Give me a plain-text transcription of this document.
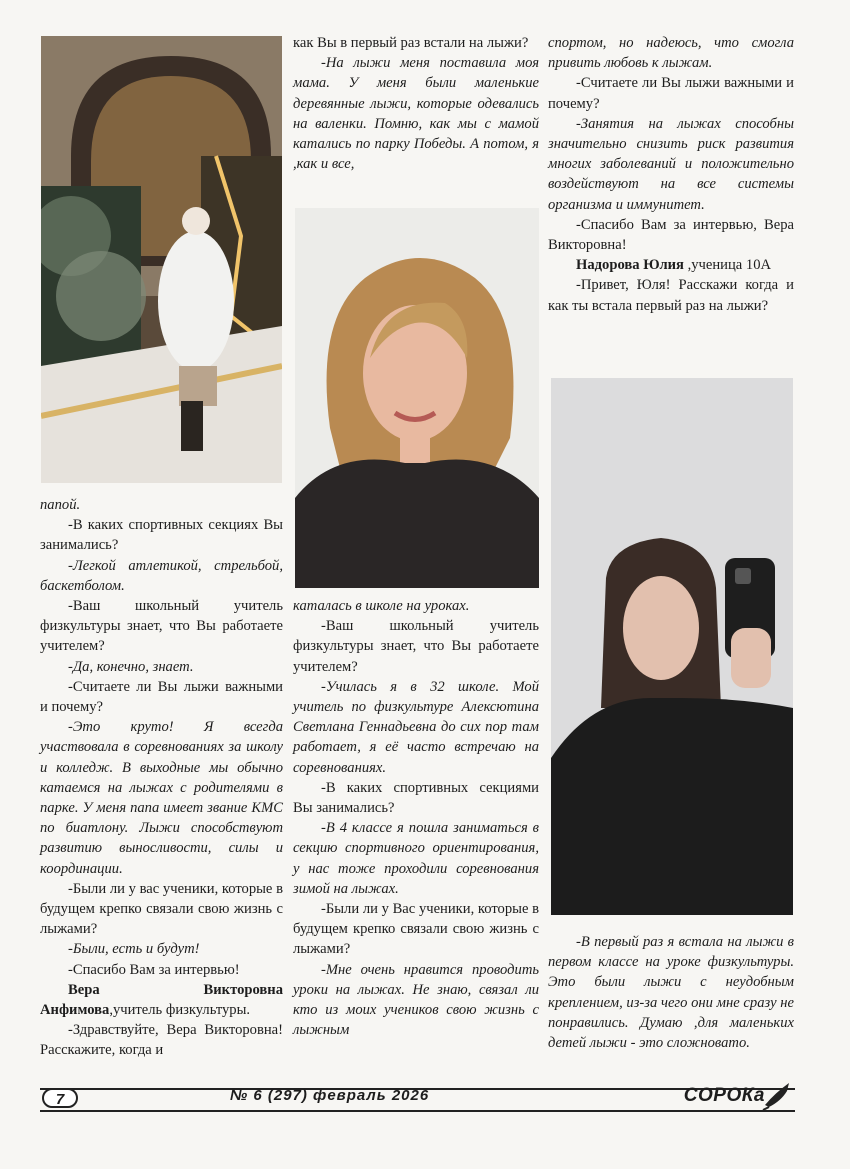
папой.

-В каких спортивных секциях Вы занимались?

-Легкой атлетикой, стрельбой, баскетболом.

-Ваш школьный учитель физкультуры знает, что Вы работаете учителем?

-Да, конечно, знает.

-Считаете ли Вы лыжи важными и почему?

-Это круто! Я всегда участвовала в соревнованиях за школу и колледж. В выходные мы обычно катаемся на лыжах с родителями в парке. У меня папа имеет звание КМС по биатлону. Лыжи способствуют развитию выносливости, силы и координации.

-Были ли у вас ученики, которые в будущем крепко связали свою жизнь с лыжами?

-Были, есть и будут!

-Спасибо Вам за интервью!

Вера Викторовна Анфимова,учитель физкультуры.

-Здравствуйте, Вера Викторовна! Расскажите, когда и

как Вы в первый раз встали на лыжи?

-На лыжи меня поставила моя мама. У меня были маленькие деревянные лыжи, которые одевались на валенки. Помню, как мы с мамой катались по парку Победы. А потом, я ,как и все,

каталась в школе на уроках.

-Ваш школьный учитель физкультуры знает, что Вы работаете учителем?

-Училась я в 32 школе. Мой учитель по физкультуре Алексютина Светлана Геннадьевна до сих пор там работает, я её часто встречаю на соревнованиях.

-В каких спортивных секциями Вы занимались?

-В 4 классе я пошла заниматься в секцию спортивного ориентирования, у нас тоже проходили соревнования зимой на лыжах.

-Были ли у Вас ученики, которые в будущем крепко связали свою жизнь с лыжами?

-Мне очень нравится проводить уроки на лыжах. Не знаю, связал ли кто из моих учеников свою жизнь с лыжным

спортом, но надеюсь, что смогла привить любовь к лыжам.

-Считаете ли Вы лыжи важными и почему?

-Занятия на лыжах способны значительно снизить риск развития многих заболеваний и положительно воздействуют на все системы организма и иммунитет.

-Спасибо Вам за интервью, Вера Викторовна!

Надорова Юлия ,ученица 10А

-Привет, Юля! Расскажи когда и как ты встала первый раз на лыжи?

-В первый раз я встала на лыжи в первом классе на уроке физкультуры. Это были лыжи с неудобным креплением, из-за чего они мне сразу не понравились. Думаю ,для маленьких детей лыжи - это сложновато.

7	№ 6 (297) февраль 2026	СОРОКа
